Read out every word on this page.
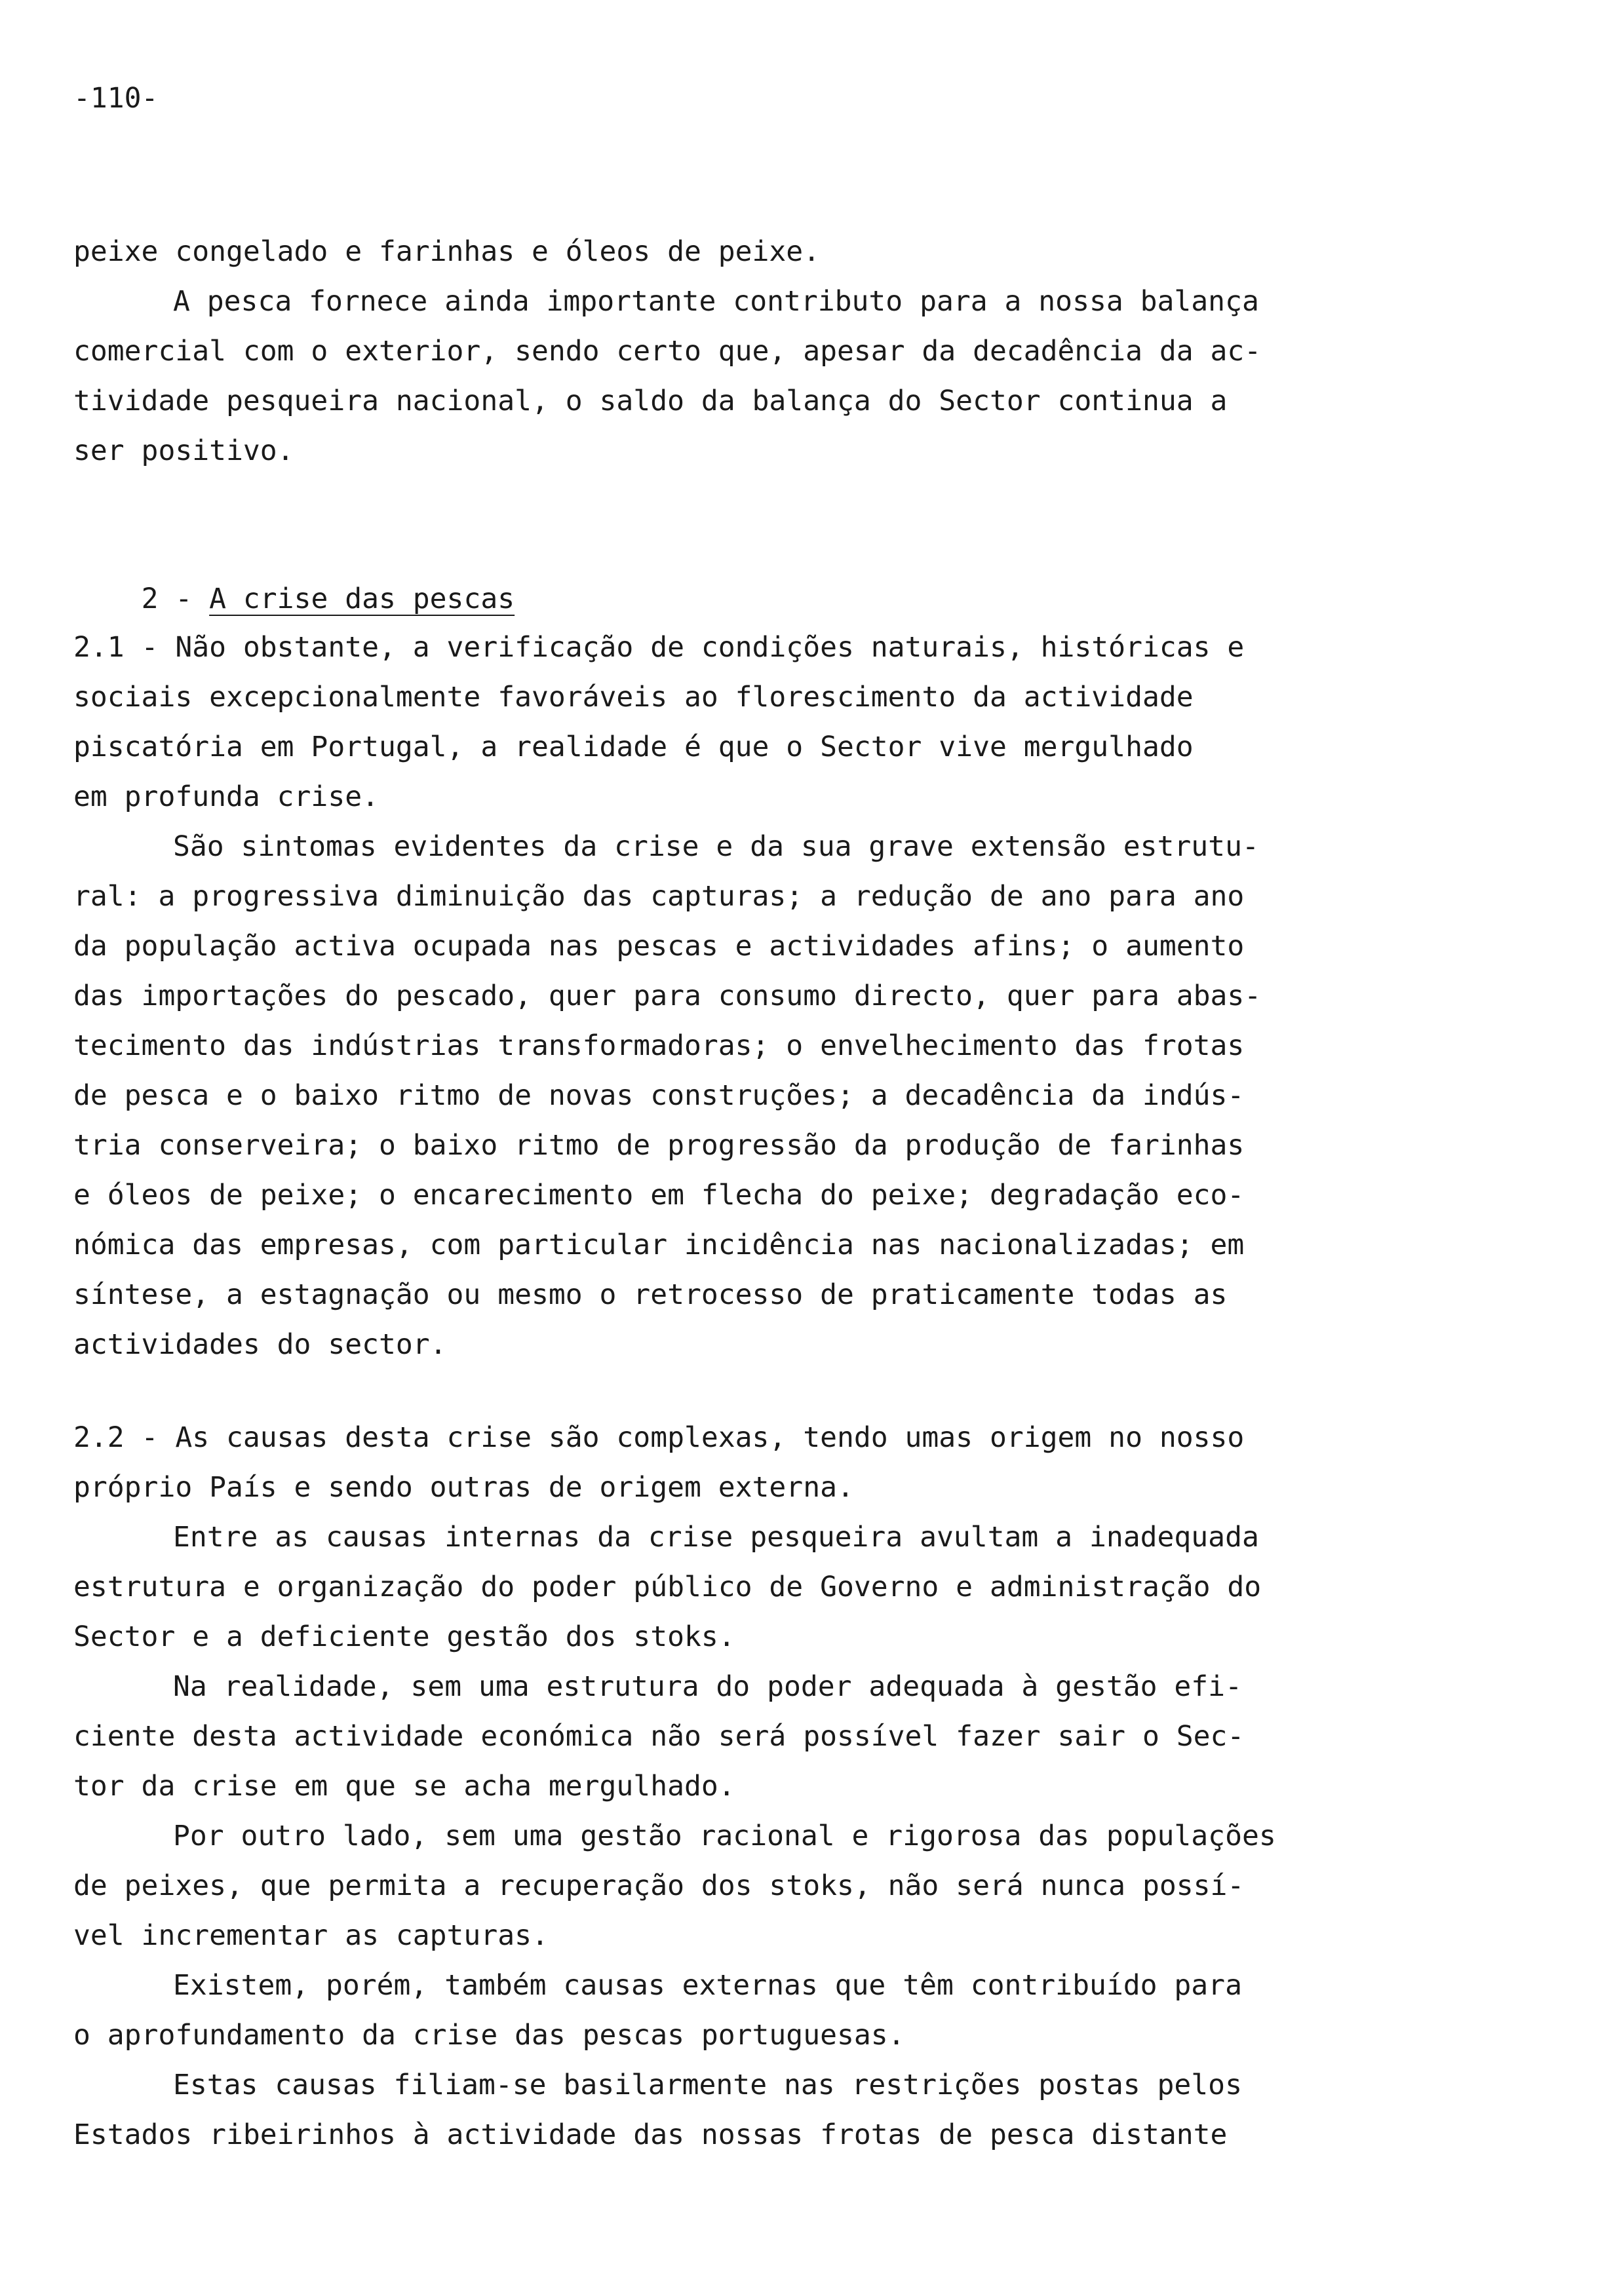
-110-
peixe congelado e farinhas e óleos de peixe.
A pesca fornece ainda importante contributo para a nossa balança
comercial com o exterior, sendo certo que, apesar da decadência da ac-
tividade pesqueira nacional, o saldo da balança do Sector continua a
ser positivo.

2 - A crise das pescas

2.1 - Não obstante, a verificação de condições naturais, históricas e
sociais excepcionalmente favoráveis ao florescimento da actividade
piscatória em Portugal, a realidade é que o Sector vive mergulhado
em profunda crise.
São sintomas evidentes da crise e da sua grave extensão estrutu-
ral: a progressiva diminuição das capturas; a redução de ano para ano
da população activa ocupada nas pescas e actividades afins; o aumento
das importações do pescado, quer para consumo directo, quer para abas-
tecimento das indústrias transformadoras; o envelhecimento das frotas
de pesca e o baixo ritmo de novas construções; a decadência da indús-
tria conserveira; o baixo ritmo de progressão da produção de farinhas
e óleos de peixe; o encarecimento em flecha do peixe; degradação eco-
nómica das empresas, com particular incidência nas nacionalizadas; em
síntese, a estagnação ou mesmo o retrocesso de praticamente todas as
actividades do sector.
2.2 - As causas desta crise são complexas, tendo umas origem no nosso
próprio País e sendo outras de origem externa.
Entre as causas internas da crise pesqueira avultam a inadequada
estrutura e organização do poder público de Governo e administração do
Sector e a deficiente gestão dos stoks.
Na realidade, sem uma estrutura do poder adequada à gestão efi-
ciente desta actividade económica não será possível fazer sair o Sec-
tor da crise em que se acha mergulhado.
Por outro lado, sem uma gestão racional e rigorosa das populações
de peixes, que permita a recuperação dos stoks, não será nunca possí-
vel incrementar as capturas.
Existem, porém, também causas externas que têm contribuído para
o aprofundamento da crise das pescas portuguesas.
Estas causas filiam-se basilarmente nas restrições postas pelos
Estados ribeirinhos à actividade das nossas frotas de pesca distante
